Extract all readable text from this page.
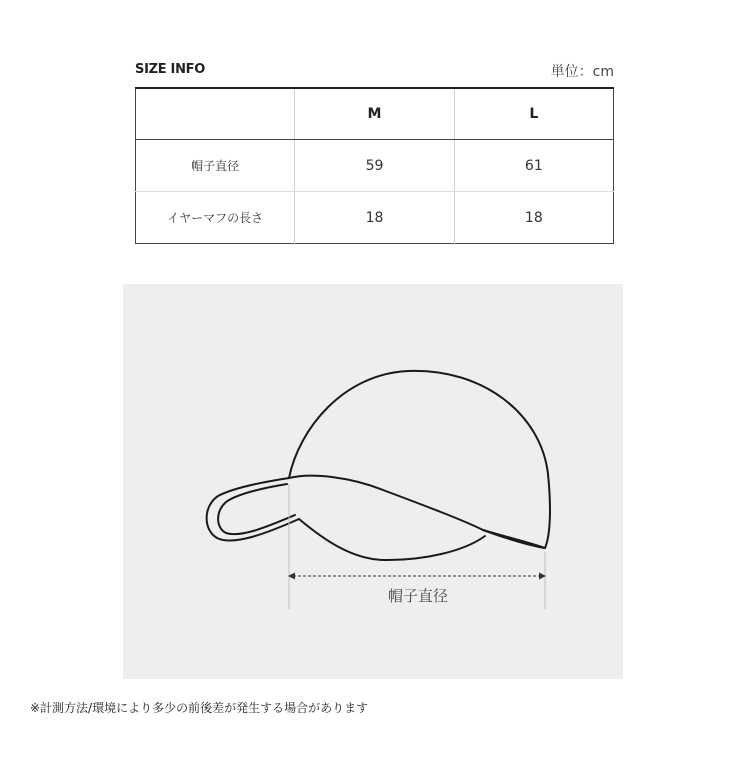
SIZE INFO	単位：cm
	M	L
帽子直径	59	61
イヤーマフの長さ	18	18
帽子直径
※計測方法/環境により多少の前後差が発生する場合があります
